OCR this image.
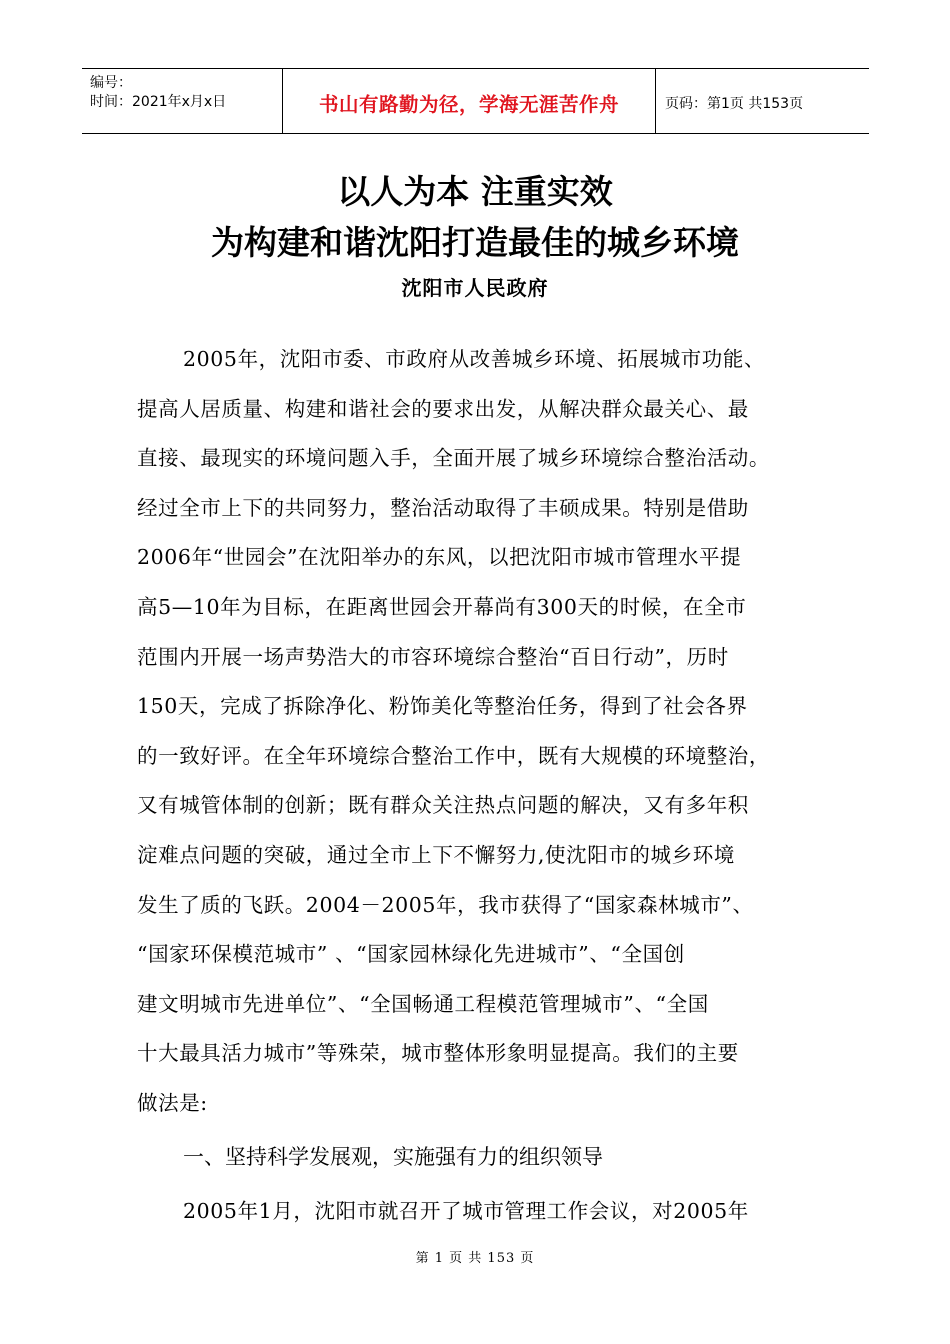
编号：
时间：2021年x月x日	书山有路勤为径，学海无涯苦作舟	页码：第1页 共153页
以人为本 注重实效
为构建和谐沈阳打造最佳的城乡环境
沈阳市人民政府
2005年，沈阳市委、市政府从改善城乡环境、拓展城市功能、
提高人居质量、构建和谐社会的要求出发，从解决群众最关心、最
直接、最现实的环境问题入手，全面开展了城乡环境综合整治活动。
经过全市上下的共同努力，整治活动取得了丰硕成果。特别是借助
2006年“世园会”在沈阳举办的东风，以把沈阳市城市管理水平提
高5—10年为目标，在距离世园会开幕尚有300天的时候，在全市
范围内开展一场声势浩大的市容环境综合整治“百日行动”，历时
150天，完成了拆除净化、粉饰美化等整治任务，得到了社会各界
的一致好评。在全年环境综合整治工作中，既有大规模的环境整治，
又有城管体制的创新；既有群众关注热点问题的解决，又有多年积
淀难点问题的突破，通过全市上下不懈努力,使沈阳市的城乡环境
发生了质的飞跃。2004－2005年，我市获得了“国家森林城市”、
“国家环保模范城市” 、“国家园林绿化先进城市”、“全国创
建文明城市先进单位”、“全国畅通工程模范管理城市”、“全国
十大最具活力城市”等殊荣，城市整体形象明显提高。我们的主要
做法是:
一、坚持科学发展观，实施强有力的组织领导
2005年1月，沈阳市就召开了城市管理工作会议，对2005年
第 1 页 共 153 页
